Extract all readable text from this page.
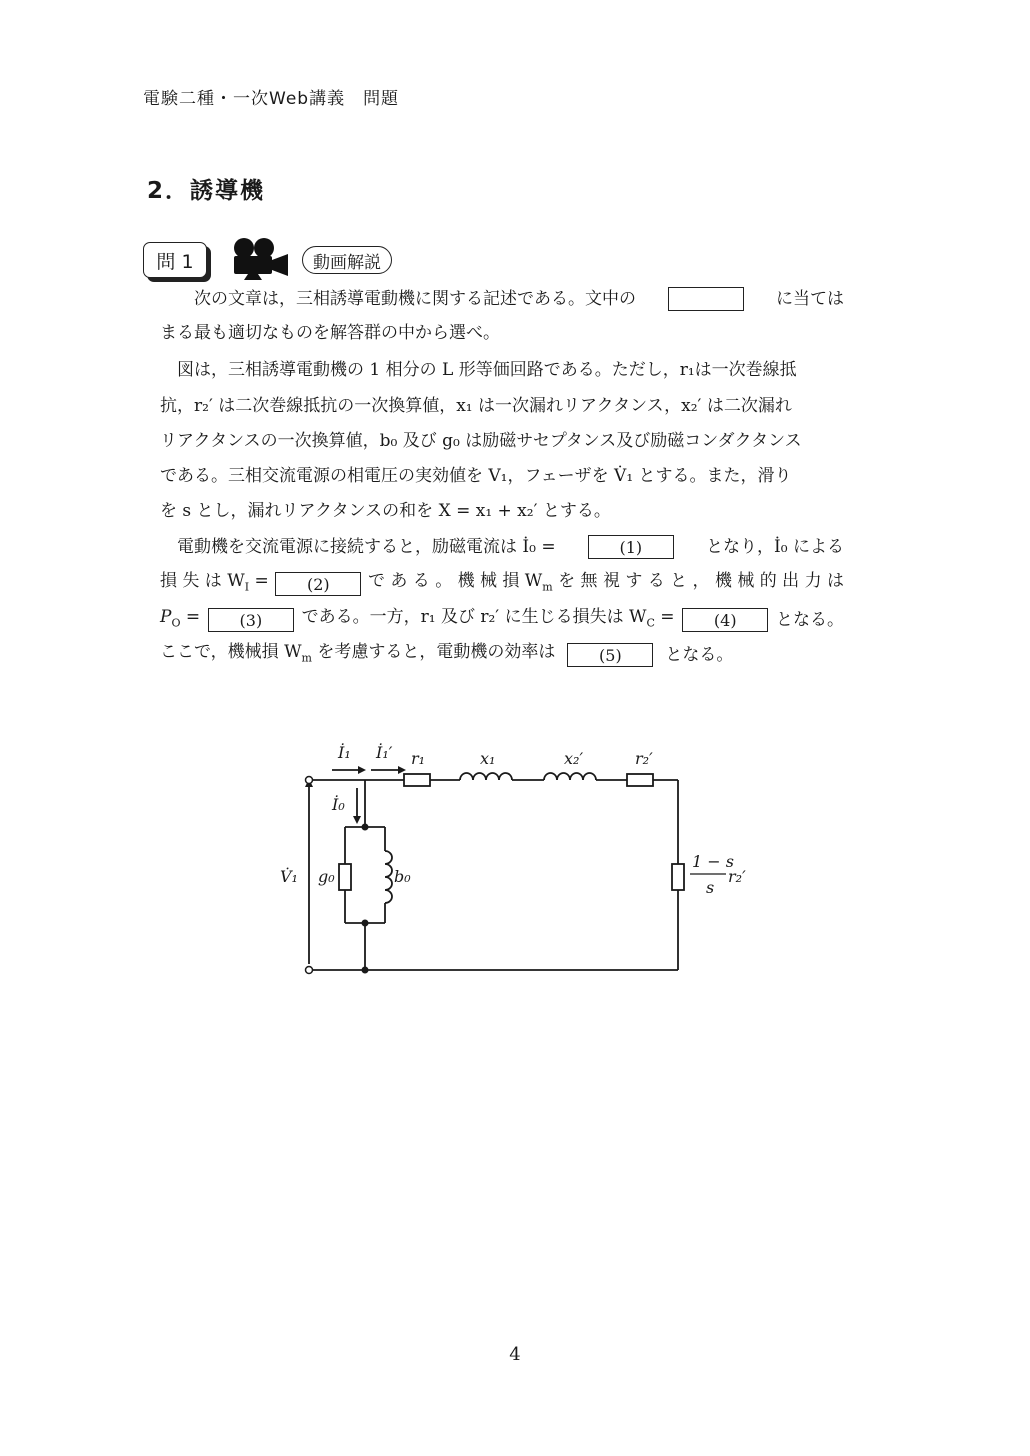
電験二種・一次Web講義　問題
2．誘導機
問 1	動画解説
　　次の文章は，三相誘導電動機に関する記述である。文中の	に当ては
まる最も適切なものを解答群の中から選べ。
　図は，三相誘導電動機の 1 相分の L 形等価回路である。ただし，r₁は一次巻線抵
抗，r₂′ は二次巻線抵抗の一次換算値，x₁ は一次漏れリアクタンス，x₂′ は二次漏れ
リアクタンスの一次換算値，b₀ 及び g₀ は励磁サセプタンス及び励磁コンダクタンス
である。三相交流電源の相電圧の実効値を V₁，フェーザを V̇₁ とする。また，滑り
を s とし，漏れリアクタンスの和を X = x₁ + x₂′ とする。
　電動機を交流電源に接続すると，励磁電流は İ₀ =	(1)	となり，İ₀ による
損 失 は $W_I$ =	(2)	で あ る 。 機 械 損 $W_m$ を 無 視 す る と ， 機 械 的 出 力 は
$P_O$ =	(3)	である。一方，r₁ 及び r₂′ に生じる損失は $W_C$ =	(4)	となる。
ここで，機械損 $W_m$ を考慮すると，電動機の効率は	(5)	となる。
İ₁ İ₁′ r₁	x₁	x₂′	r₂′
İ₀
V̇₁ g₀	b₀
1 − s
s
r₂′
4
